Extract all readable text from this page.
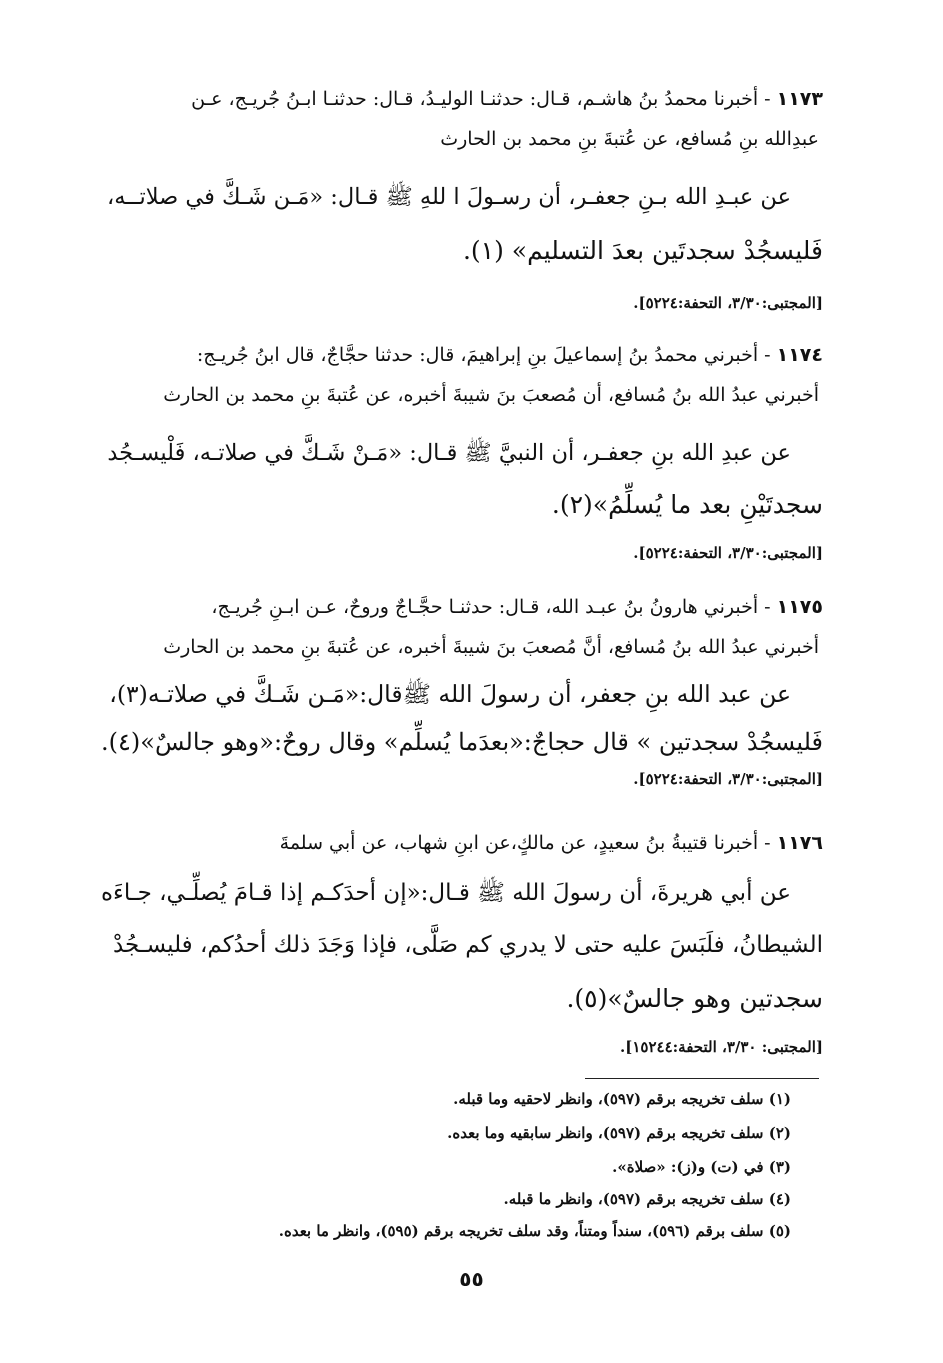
١١٧٣ - أخبرنا محمدُ بنُ هاشـم، قـال: حدثنـا الوليـدُ، قـال: حدثنـا ابـنُ جُريـج، عـن
عبدِالله بنِ مُسافع، عن عُتبةَ بنِ محمد بن الحارث
عن عبـدِ الله بـنِ جعفـر، أن رسـولَ ا للهِ ﷺ قـال: «مَـن شَـكَّ في صلاتــه،
فَليسجُدْ سجدتَين بعدَ التسليم» (١).
[المجتبى:٣/٣٠، التحفة:٥٢٢٤].
١١٧٤ - أخبرني محمدُ بنُ إسماعيلَ بنِ إبراهيمَ، قال: حدثنا حجَّاجٌ، قال ابنُ جُريـج:
أخبرني عبدُ الله بنُ مُسافع، أن مُصعبَ بنَ شيبةَ أخبره، عن عُتبةَ بنِ محمد بن الحارث
عن عبدِ الله بنِ جعفـر، أن النبيَّ ﷺ قـال: «مَـنْ شَـكَّ في صلاتـه، فَلْيسـجُد
سجدتَيْنِ بعد ما يُسلِّمُ»(٢).
[المجتبى:٣/٣٠، التحفة:٥٢٢٤].
١١٧٥ - أخبرني هارونُ بنُ عبـد الله، قـال: حدثنـا حجَّـاجٌ وروحٌ، عـن ابـنِ جُريـج،
أخبرني عبدُ الله بنُ مُسافع، أنَّ مُصعبَ بنَ شيبةَ أخبره، عن عُتبةَ بنِ محمد بن الحارث
عن عبد الله بنِ جعفر، أن رسولَ الله ﷺقال:«مَـن شَـكَّ في صلاتـه(٣)،
فَليسجُدْ سجدتين » قال حجاجٌ:«بعدَما يُسلِّم» وقال روحٌ:«وهو جالسٌ»(٤).
[المجتبى:٣/٣٠، التحفة:٥٢٢٤].
١١٧٦ - أخبرنا قتيبةُ بنُ سعيدٍ، عن مالكٍ،عن ابنِ شهاب، عن أبي سلمةَ
عن أبي هريرةَ، أن رسولَ الله ﷺ قـال:«إن أحدَكـم إذا قـامَ يُصلِّـي، جـاءَه
الشيطانُ، فلَبَسَ عليه حتى لا يدري كم صَلَّى، فإذا وَجَدَ ذلك أحدُكم، فليسـجُدْ
سجدتين وهو جالسٌ»(٥).
[المجتبى: ٣/٣٠، التحفة:١٥٢٤٤].
(١) سلف تخريجه برقم (٥٩٧)، وانظر لاحقيه وما قبله.
(٢) سلف تخريجه برقم (٥٩٧)، وانظر سابقيه وما بعده.
(٣) في (ت) و(ز): «صلاة».
(٤) سلف تخريجه برقم (٥٩٧)، وانظر ما قبله.
(٥) سلف برقم (٥٩٦)، سنداً ومتناً، وقد سلف تخريجه برقم (٥٩٥)، وانظر ما بعده.
٥٥
